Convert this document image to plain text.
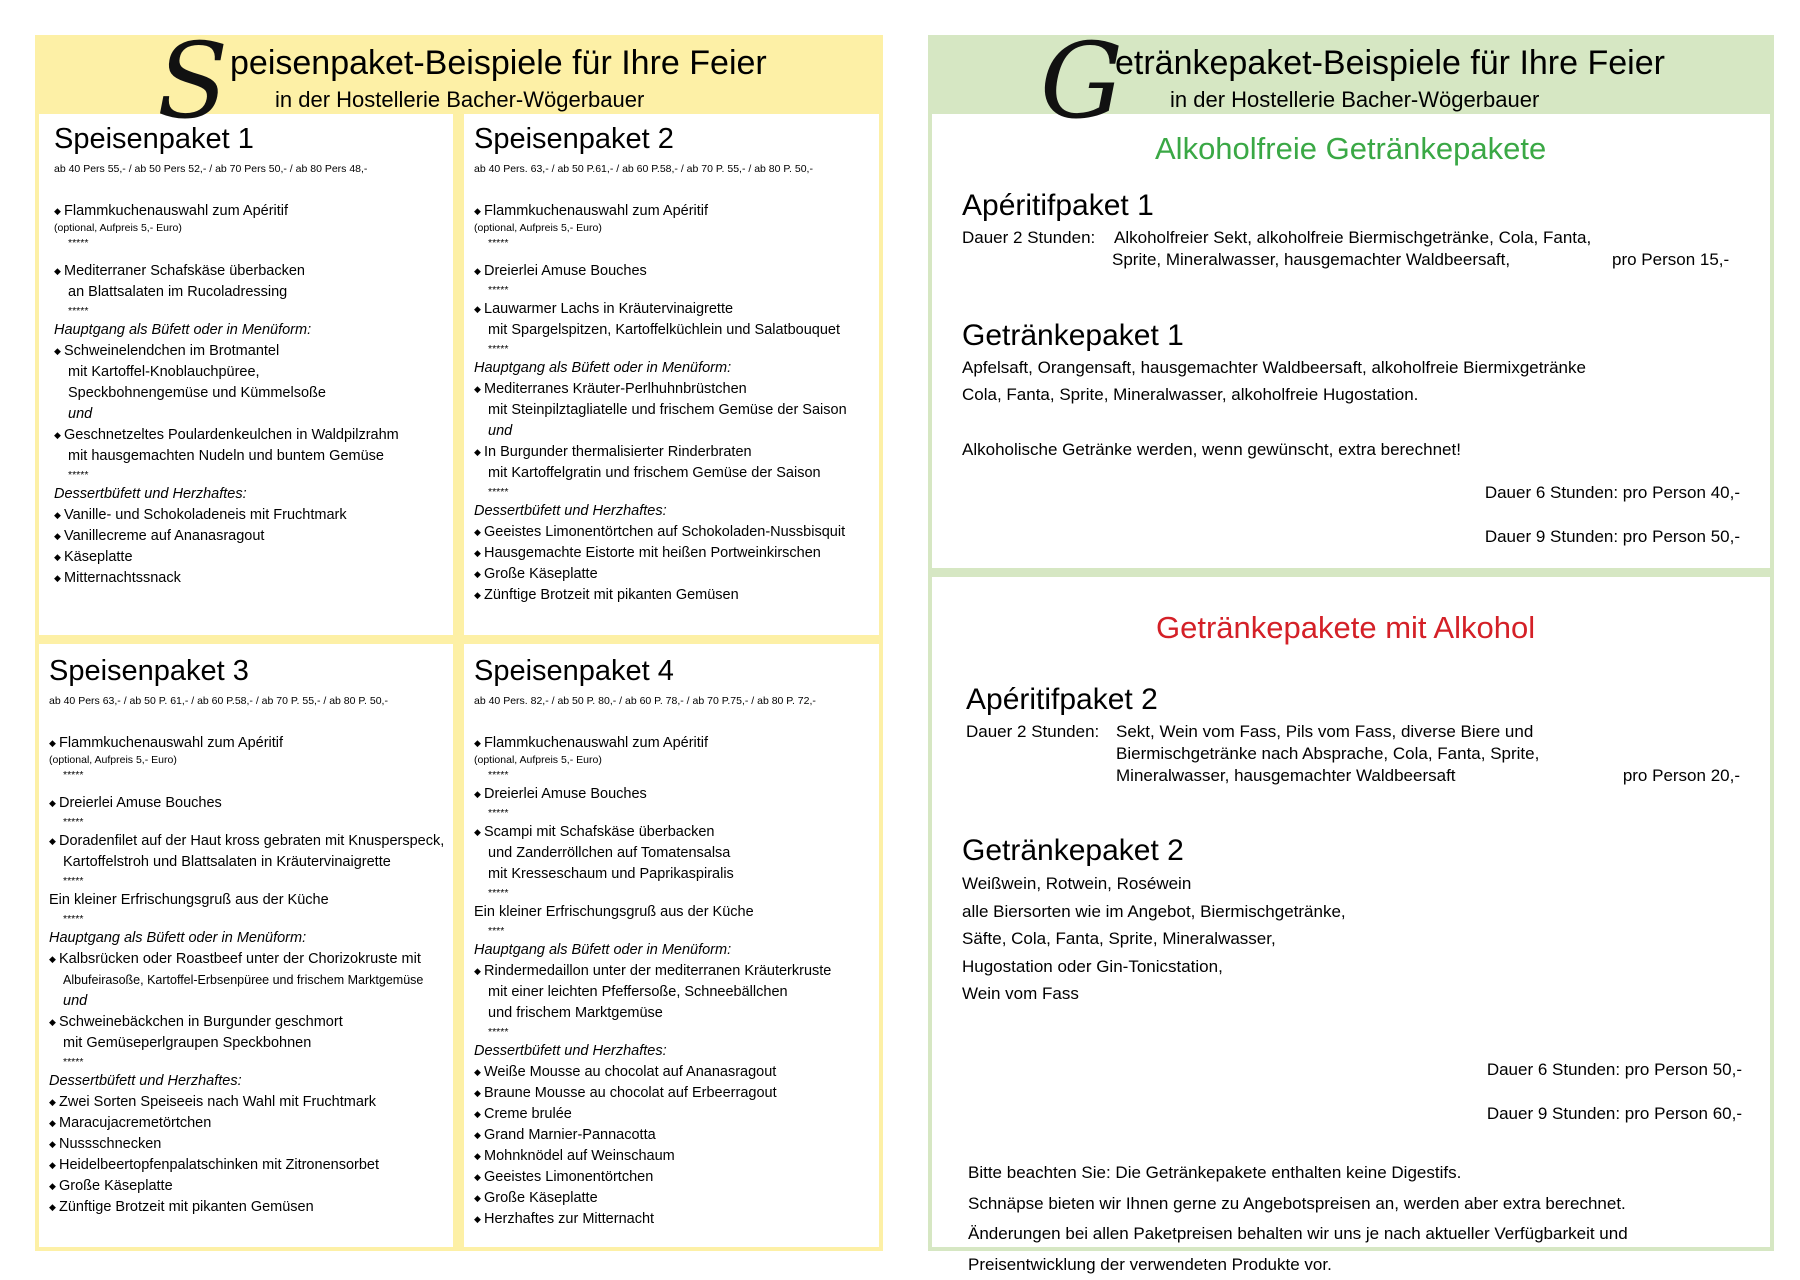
S peisenpaket-Beispiele für Ihre Feier
in der Hostellerie Bacher-Wögerbauer
Speisenpaket 1
ab 40 Pers 55,- / ab 50 Pers 52,- / ab 70 Pers 50,- / ab 80 Pers 48,-
◆ Flammkuchenauswahl zum Apéritif
(optional, Aufpreis 5,- Euro)
*****
◆ Mediterraner Schafskäse überbacken
an Blattsalaten im Rucoladressing
*****
Hauptgang als Büfett oder in Menüform:
◆ Schweinelendchen im Brotmantel
mit Kartoffel-Knoblauchpüree,
Speckbohnengemüse und Kümmelsoße
und
◆ Geschnetzeltes Poulardenkeulchen in Waldpilzrahm
mit hausgemachten Nudeln und buntem Gemüse
*****
Dessertbüfett und Herzhaftes:
◆ Vanille- und Schokoladeneis mit Fruchtmark
◆ Vanillecreme auf Ananasragout
◆ Käseplatte
◆ Mitternachtssnack
Speisenpaket 2
ab 40 Pers. 63,- / ab 50 P.61,- / ab 60 P.58,- / ab 70 P. 55,- / ab 80 P. 50,-
◆ Flammkuchenauswahl zum Apéritif
(optional, Aufpreis 5,- Euro)
*****
◆ Dreierlei Amuse Bouches
*****
◆ Lauwarmer Lachs in Kräutervinaigrette
mit Spargelspitzen, Kartoffelküchlein und Salatbouquet
*****
Hauptgang als Büfett oder in Menüform:
◆ Mediterranes Kräuter-Perlhuhnbrüstchen
mit Steinpilztagliatelle und frischem Gemüse der Saison
und
◆ In Burgunder thermalisierter Rinderbraten
mit Kartoffelgratin und frischem Gemüse der Saison
*****
Dessertbüfett und Herzhaftes:
◆ Geeistes Limonentörtchen auf Schokoladen-Nussbisquit
◆ Hausgemachte Eistorte mit heißen Portweinkirschen
◆ Große Käseplatte
◆ Zünftige Brotzeit mit pikanten Gemüsen
Speisenpaket 3
ab 40 Pers 63,- / ab 50 P. 61,- / ab 60 P.58,- / ab 70 P. 55,- / ab 80 P. 50,-
◆ Flammkuchenauswahl zum Apéritif
(optional, Aufpreis 5,- Euro)
*****
◆ Dreierlei Amuse Bouches
*****
◆ Doradenfilet auf der Haut kross gebraten mit Knusperspeck,
Kartoffelstroh und Blattsalaten in Kräutervinaigrette
*****
Ein kleiner Erfrischungsgruß aus der Küche
*****
Hauptgang als Büfett oder in Menüform:
◆ Kalbsrücken oder Roastbeef unter der Chorizokruste mit
Albufeirasoße, Kartoffel-Erbsenpüree und frischem Marktgemüse
und
◆ Schweinebäckchen in Burgunder geschmort
mit Gemüseperlgraupen Speckbohnen
*****
Dessertbüfett und Herzhaftes:
◆ Zwei Sorten Speiseeis nach Wahl mit Fruchtmark
◆ Maracujacremetörtchen
◆ Nussschnecken
◆ Heidelbeertopfenpalatschinken mit Zitronensorbet
◆ Große Käseplatte
◆ Zünftige Brotzeit mit pikanten Gemüsen
Speisenpaket 4
ab 40 Pers. 82,- / ab 50 P. 80,- / ab 60 P. 78,- / ab 70 P.75,- / ab 80 P. 72,-
◆ Flammkuchenauswahl zum Apéritif
(optional, Aufpreis 5,- Euro)
*****
◆ Dreierlei Amuse Bouches
*****
◆ Scampi mit Schafskäse überbacken
und Zanderröllchen auf Tomatensalsa
mit Kresseschaum und Paprikaspiralis
*****
Ein kleiner Erfrischungsgruß aus der Küche
****
Hauptgang als Büfett oder in Menüform:
◆ Rindermedaillon unter der mediterranen Kräuterkruste
mit einer leichten Pfeffersoße, Schneebällchen
und frischem Marktgemüse
*****
Dessertbüfett und Herzhaftes:
◆ Weiße Mousse au chocolat auf Ananasragout
◆ Braune Mousse au chocolat auf Erbeerragout
◆ Creme brulée
◆ Grand Marnier-Pannacotta
◆ Mohnknödel auf Weinschaum
◆ Geeistes Limonentörtchen
◆ Große Käseplatte
◆ Herzhaftes zur Mitternacht
G
etränkepaket-Beispiele für Ihre Feier
in der Hostellerie Bacher-Wögerbauer
Alkoholfreie Getränkepakete
Apéritifpaket 1
Dauer 2 Stunden: Alkoholfreier Sekt, alkoholfreie Biermischgetränke, Cola, Fanta,
Sprite, Mineralwasser, hausgemachter Waldbeersaft,	pro Person 15,-
Getränkepaket 1
Apfelsaft, Orangensaft, hausgemachter Waldbeersaft, alkoholfreie Biermixgetränke
Cola, Fanta, Sprite, Mineralwasser, alkoholfreie Hugostation.
Alkoholische Getränke werden, wenn gewünscht, extra berechnet!
Dauer 6 Stunden: pro Person 40,-
Dauer 9 Stunden: pro Person 50,-
Getränkepakete mit Alkohol
Apéritifpaket 2
Dauer 2 Stunden: Sekt, Wein vom Fass, Pils vom Fass, diverse Biere und
Biermischgetränke nach Absprache, Cola, Fanta, Sprite,
Mineralwasser, hausgemachter Waldbeersaft	pro Person 20,-
Getränkepaket 2
Weißwein, Rotwein, Roséwein
alle Biersorten wie im Angebot, Biermischgetränke,
Säfte, Cola, Fanta, Sprite, Mineralwasser,
Hugostation oder Gin-Tonicstation,
Wein vom Fass
Dauer 6 Stunden: pro Person 50,-
Dauer 9 Stunden: pro Person 60,-
Bitte beachten Sie: Die Getränkepakete enthalten keine Digestifs.
Schnäpse bieten wir Ihnen gerne zu Angebotspreisen an, werden aber extra berechnet.
Änderungen bei allen Paketpreisen behalten wir uns je nach aktueller Verfügbarkeit und
Preisentwicklung der verwendeten Produkte vor.
